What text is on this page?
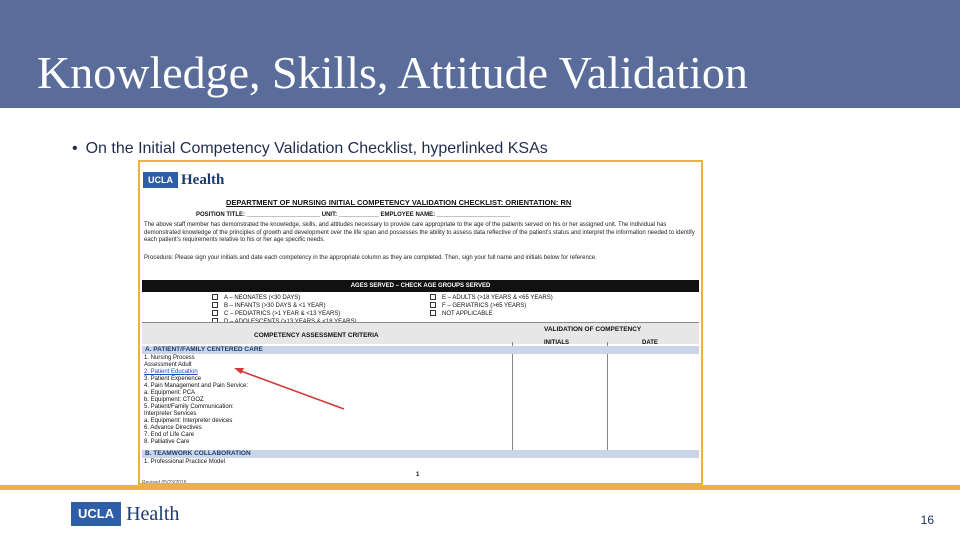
Knowledge, Skills, Attitude Validation
• On the Initial Competency Validation Checklist, hyperlinked KSAs
UCLA Health
DEPARTMENT OF NURSING INITIAL COMPETENCY VALIDATION CHECKLIST: ORIENTATION: RN
POSITION TITLE: ______________________ UNIT: ____________ EMPLOYEE NAME: ______________________
The above staff member has demonstrated the knowledge, skills, and attitudes necessary to provide care appropriate to the age of the patients served on his or her assigned unit. The individual has demonstrated knowledge of the principles of growth and development over the life span and possesses the ability to assess data reflective of the patient's status and interpret the information needed to identify each patient's requirements relative to his or her age specific needs.
Procedure: Please sign your initials and date each competency in the appropriate column as they are completed. Then, sign your full name and initials below for reference.
AGES SERVED – CHECK AGE GROUPS SERVED
A – NEONATES (<30 DAYS)
B – INFANTS (>30 DAYS & <1 YEAR)
C – PEDIATRICS (>1 YEAR & <13 YEARS)
E – ADULTS (>18 YEARS & <65 YEARS)
F – GERIATRICS (>65 YEARS)
NOT APPLICABLE
COMPETENCY ASSESSMENT CRITERIA
VALIDATION OF COMPETENCY
INITIALS	DATE
A. PATIENT/FAMILY CENTERED CARE
1. Nursing Process
Assessment Adult
2. Patient Education
3. Patient Experience
4. Pain Management and Pain Service:
a. Equipment: PCA
b. Equipment: CTGOZ
5. Patient/Family Communication:
Interpreter Services
a. Equipment: Interpreter devices
6. Advance Directives
7. End of Life Care
8. Palliative Care
B. TEAMWORK COLLABORATION
1. Professional Practice Model
1
Revised 05/23/2016
UCLA Health	16
